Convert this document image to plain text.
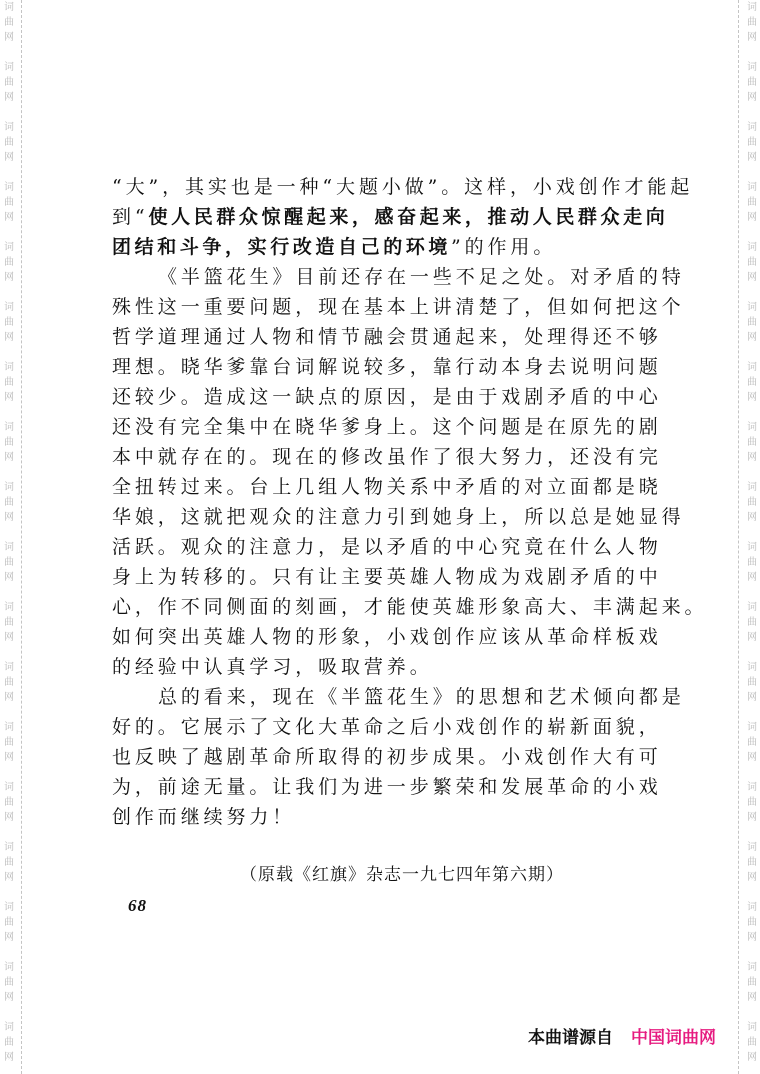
词
曲
网
词
曲
网
词
曲
网
词
曲
网
词
曲
网
词
曲
网
词
曲
网
词
曲
网
词
曲
网
词
曲
网
词
曲
网
词
曲
网
词
曲
网
词
曲
网
词
曲
网
词
曲
网
词
曲
网
词
曲
网
词
曲
网
词
曲
网
词
曲
网
词
曲
网
词
曲
网
词
曲
网
词
曲
网
词
曲
网
词
曲
网
词
曲
网
词
曲
网
词
曲
网
词
曲
网
词
曲
网
词
曲
网
词
曲
网
词
曲
网
词
曲
网
“大”，其实也是一种“大题小做”。这样，小戏创作才能起
到“使人民群众惊醒起来，感奋起来，推动人民群众走向
团结和斗争，实行改造自己的环境”的作用。
《半篮花生》目前还存在一些不足之处。对矛盾的特
殊性这一重要问题，现在基本上讲清楚了，但如何把这个
哲学道理通过人物和情节融会贯通起来，处理得还不够
理想。晓华爹靠台词解说较多，靠行动本身去说明问题
还较少。造成这一缺点的原因，是由于戏剧矛盾的中心
还没有完全集中在晓华爹身上。这个问题是在原先的剧
本中就存在的。现在的修改虽作了很大努力，还没有完
全扭转过来。台上几组人物关系中矛盾的对立面都是晓
华娘，这就把观众的注意力引到她身上，所以总是她显得
活跃。观众的注意力，是以矛盾的中心究竟在什么人物
身上为转移的。只有让主要英雄人物成为戏剧矛盾的中
心，作不同侧面的刻画，才能使英雄形象高大、丰满起来。
如何突出英雄人物的形象，小戏创作应该从革命样板戏
的经验中认真学习，吸取营养。
总的看来，现在《半篮花生》的思想和艺术倾向都是
好的。它展示了文化大革命之后小戏创作的崭新面貌，
也反映了越剧革命所取得的初步成果。小戏创作大有可
为，前途无量。让我们为进一步繁荣和发展革命的小戏
创作而继续努力！
（原载《红旗》杂志一九七四年第六期）
68
本曲谱源自 中国词曲网
